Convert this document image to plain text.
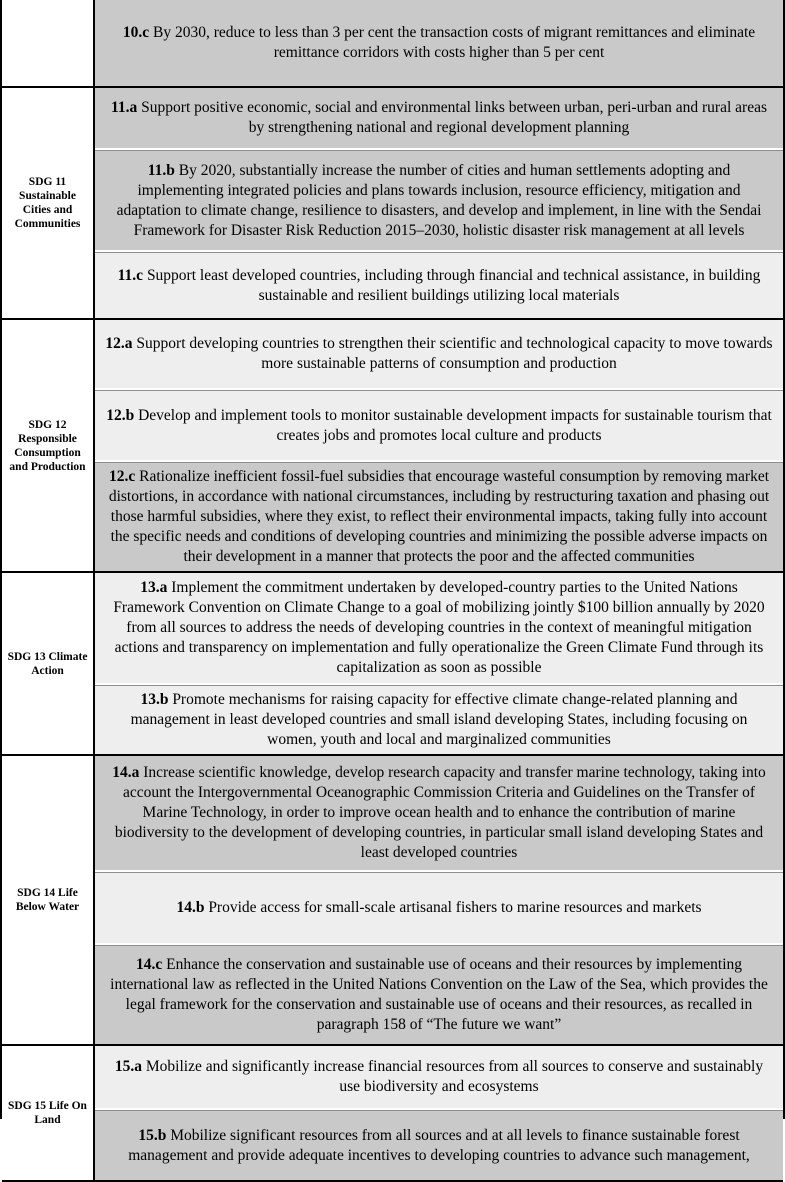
10.c By 2030, reduce to less than 3 per cent the transaction costs of migrant remittances and eliminate remittance corridors with costs higher than 5 per cent
SDG 11 Sustainable Cities and Communities
11.a Support positive economic, social and environmental links between urban, peri-urban and rural areas by strengthening national and regional development planning
11.b By 2020, substantially increase the number of cities and human settlements adopting and implementing integrated policies and plans towards inclusion, resource efficiency, mitigation and adaptation to climate change, resilience to disasters, and develop and implement, in line with the Sendai Framework for Disaster Risk Reduction 2015–2030, holistic disaster risk management at all levels
11.c Support least developed countries, including through financial and technical assistance, in building sustainable and resilient buildings utilizing local materials
SDG 12 Responsible Consumption and Production
12.a Support developing countries to strengthen their scientific and technological capacity to move towards more sustainable patterns of consumption and production
12.b Develop and implement tools to monitor sustainable development impacts for sustainable tourism that creates jobs and promotes local culture and products
12.c Rationalize inefficient fossil-fuel subsidies that encourage wasteful consumption by removing market distortions, in accordance with national circumstances, including by restructuring taxation and phasing out those harmful subsidies, where they exist, to reflect their environmental impacts, taking fully into account the specific needs and conditions of developing countries and minimizing the possible adverse impacts on their development in a manner that protects the poor and the affected communities
SDG 13 Climate Action
13.a Implement the commitment undertaken by developed-country parties to the United Nations Framework Convention on Climate Change to a goal of mobilizing jointly $100 billion annually by 2020 from all sources to address the needs of developing countries in the context of meaningful mitigation actions and transparency on implementation and fully operationalize the Green Climate Fund through its capitalization as soon as possible
13.b Promote mechanisms for raising capacity for effective climate change-related planning and management in least developed countries and small island developing States, including focusing on women, youth and local and marginalized communities
SDG 14 Life Below Water
14.a Increase scientific knowledge, develop research capacity and transfer marine technology, taking into account the Intergovernmental Oceanographic Commission Criteria and Guidelines on the Transfer of Marine Technology, in order to improve ocean health and to enhance the contribution of marine biodiversity to the development of developing countries, in particular small island developing States and least developed countries
14.b Provide access for small-scale artisanal fishers to marine resources and markets
14.c Enhance the conservation and sustainable use of oceans and their resources by implementing international law as reflected in the United Nations Convention on the Law of the Sea, which provides the legal framework for the conservation and sustainable use of oceans and their resources, as recalled in paragraph 158 of “The future we want”
SDG 15 Life On Land
15.a Mobilize and significantly increase financial resources from all sources to conserve and sustainably use biodiversity and ecosystems
15.b Mobilize significant resources from all sources and at all levels to finance sustainable forest management and provide adequate incentives to developing countries to advance such management,
